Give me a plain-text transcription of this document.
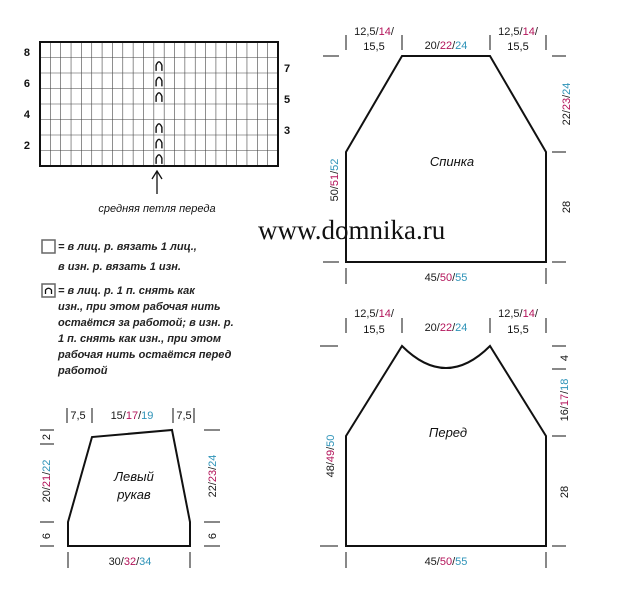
8
6
4
2
7
5
3
средняя петля переда
= в лиц. р. вязать 1 лиц.,
в изн. р. вязать 1 изн.
= в лиц. р. 1 п. снять как
изн., при этом рабочая нить
остаётся за работой; в изн. р.
1 п. снять как изн., при этом
рабочая нить остаётся перед
работой
www.domnika.ru
Спинка
12,5/14/
15,5	20/22/24
12,5/14/
15,5
50/51/52
22/23/24
28
45/50/55
Перед
12,5/14/
15,5	20/22/24
12,5/14/
15,5
48/49/50
4
16/17/18
28
45/50/55
Левый
рукав
7,5 15/17/19 7,5
2
20/21/22
6
22/23/24
6
30/32/34
